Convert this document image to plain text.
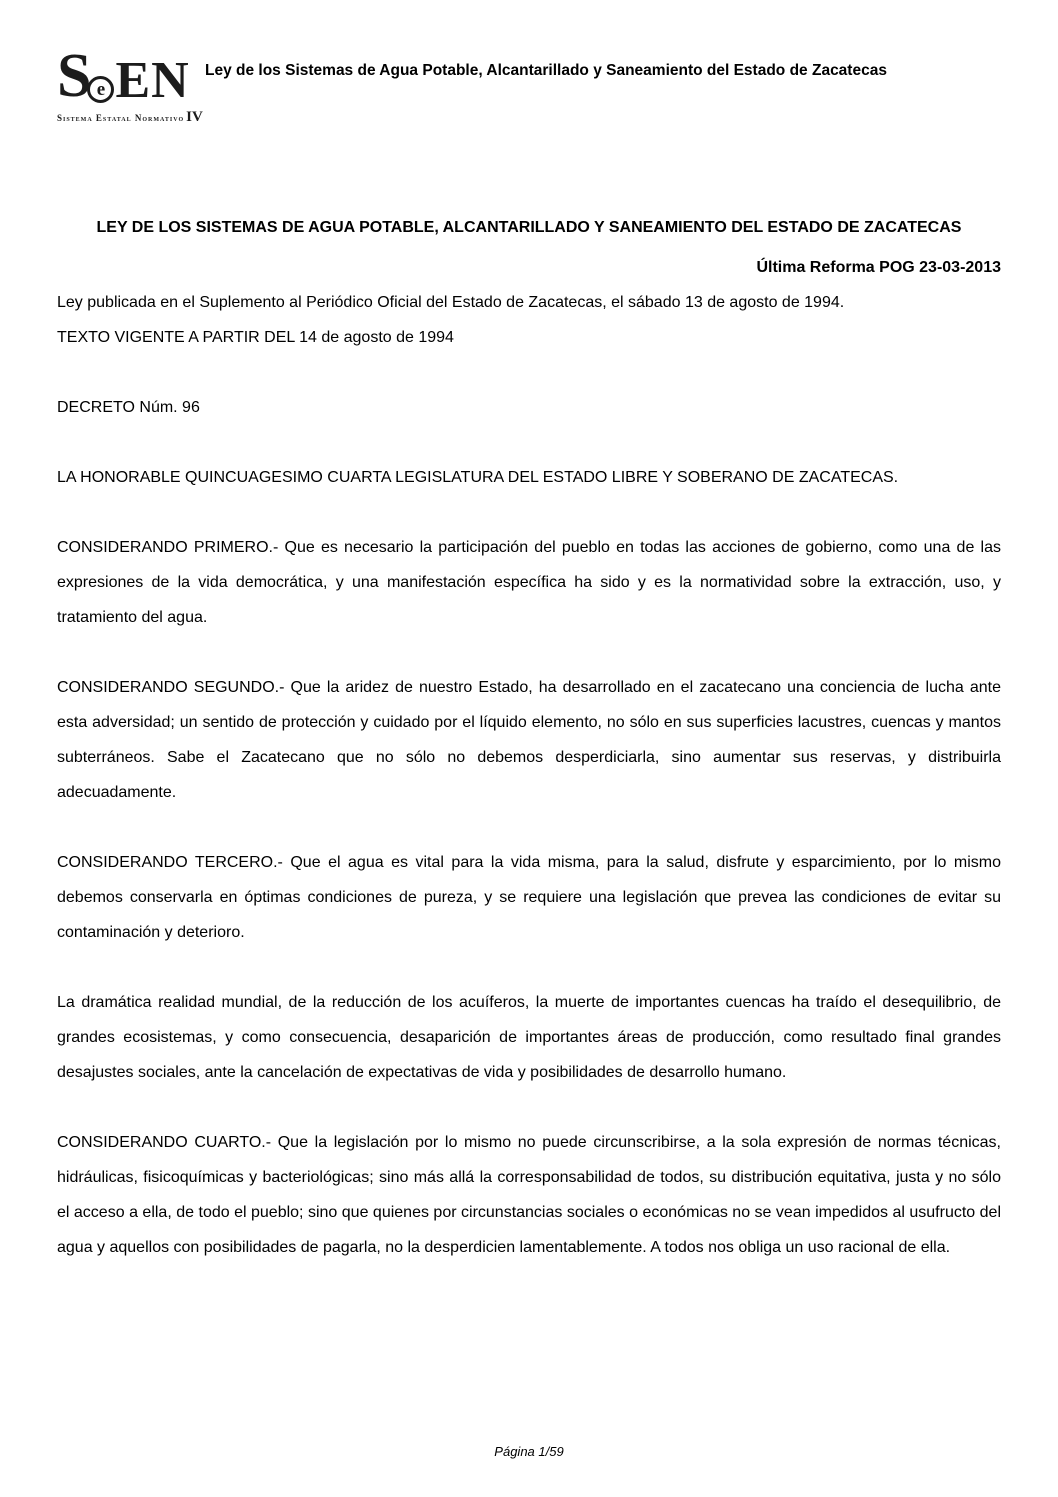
S e EN
Sistema Estatal Normativo IV
Ley de los Sistemas de Agua Potable, Alcantarillado y Saneamiento del Estado de Zacatecas
LEY DE LOS SISTEMAS DE AGUA POTABLE, ALCANTARILLADO Y SANEAMIENTO DEL ESTADO DE ZACATECAS

Última Reforma POG 23-03-2013

Ley publicada en el Suplemento al Periódico Oficial del Estado de Zacatecas, el sábado 13 de agosto de 1994.

TEXTO VIGENTE A PARTIR DEL 14 de agosto de 1994

DECRETO Núm. 96

LA HONORABLE QUINCUAGESIMO CUARTA LEGISLATURA DEL ESTADO LIBRE Y SOBERANO DE ZACATECAS.

CONSIDERANDO PRIMERO.- Que es necesario la participación del pueblo en todas las acciones de gobierno, como una de las expresiones de la vida democrática, y una manifestación específica ha sido y es la normatividad sobre la extracción, uso, y tratamiento del agua.

CONSIDERANDO SEGUNDO.- Que la aridez de nuestro Estado, ha desarrollado en el zacatecano una conciencia de lucha ante esta adversidad; un sentido de protección y cuidado por el líquido elemento, no sólo en sus superficies lacustres, cuencas y mantos subterráneos. Sabe el Zacatecano que no sólo no debemos desperdiciarla, sino aumentar sus reservas, y distribuirla adecuadamente.

CONSIDERANDO TERCERO.- Que el agua es vital para la vida misma, para la salud, disfrute y esparcimiento, por lo mismo debemos conservarla en óptimas condiciones de pureza, y se requiere una legislación que prevea las condiciones de evitar su contaminación y deterioro.

La dramática realidad mundial, de la reducción de los acuíferos, la muerte de importantes cuencas ha traído el desequilibrio, de grandes ecosistemas, y como consecuencia, desaparición de importantes áreas de producción, como resultado final grandes desajustes sociales, ante la cancelación de expectativas de vida y posibilidades de desarrollo humano.

CONSIDERANDO CUARTO.- Que la legislación por lo mismo no puede circunscribirse, a la sola expresión de normas técnicas, hidráulicas, fisicoquímicas y bacteriológicas; sino más allá la corresponsabilidad de todos, su distribución equitativa, justa y no sólo el acceso a ella, de todo el pueblo; sino que quienes por circunstancias sociales o económicas no se vean impedidos al usufructo del agua y aquellos con posibilidades de pagarla, no la desperdicien lamentablemente. A todos nos obliga un uso racional de ella.

Página 1/59
